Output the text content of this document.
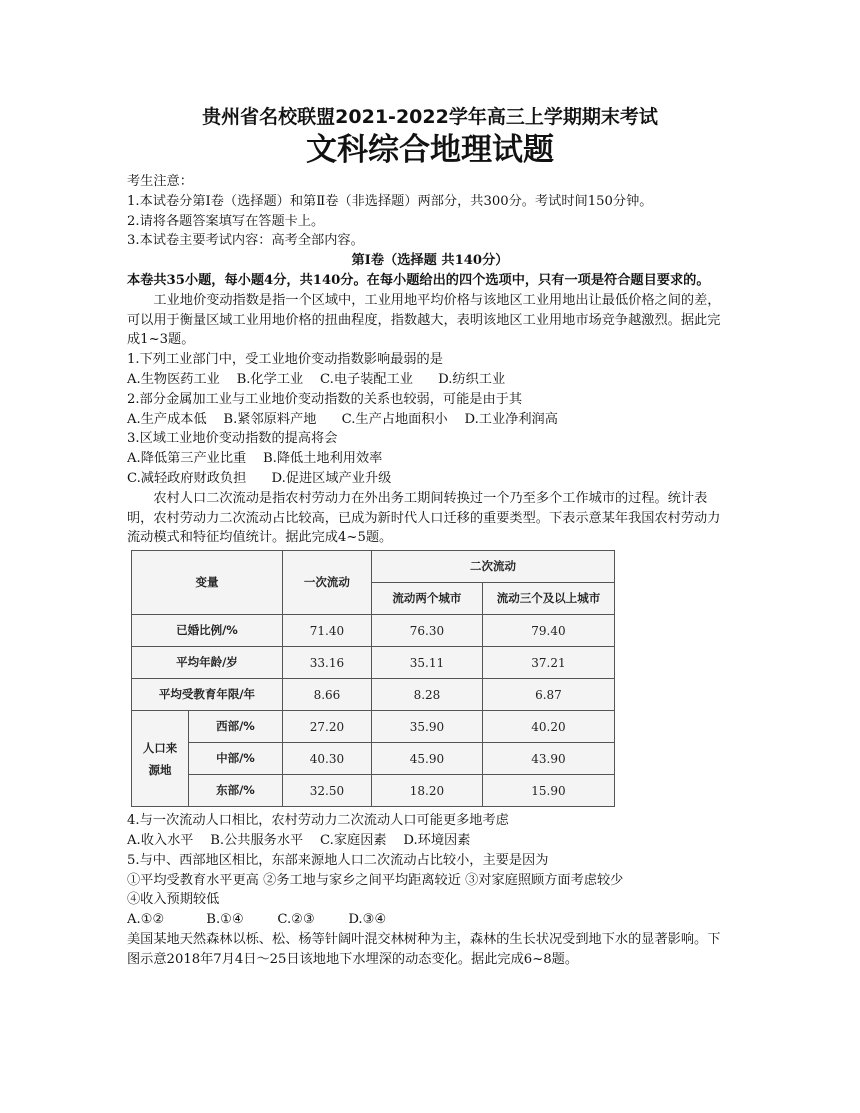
贵州省名校联盟2021-2022学年高三上学期期末考试
文科综合地理试题

考生注意：

1.本试卷分第Ⅰ卷（选择题）和第Ⅱ卷（非选择题）两部分，共300分。考试时间150分钟。

2.请将各题答案填写在答题卡上。

3.本试卷主要考试内容：高考全部内容。

第Ⅰ卷（选择题 共140分）

本卷共35小题，每小题4分，共140分。在每小题给出的四个选项中，只有一项是符合题目要求的。

工业地价变动指数是指一个区域中，工业用地平均价格与该地区工业用地出让最低价格之间的差，可以用于衡量区域工业用地价格的扭曲程度，指数越大，表明该地区工业用地市场竞争越激烈。据此完成1~3题。

1.下列工业部门中，受工业地价变动指数影响最弱的是

A.生物医药工业    B.化学工业    C.电子装配工业      D.纺织工业

2.部分金属加工业与工业地价变动指数的关系也较弱，可能是由于其

A.生产成本低    B.紧邻原料产地      C.生产占地面积小    D.工业净利润高

3.区域工业地价变动指数的提高将会

A.降低第三产业比重    B.降低土地利用效率

C.减轻政府财政负担      D.促进区域产业升级

农村人口二次流动是指农村劳动力在外出务工期间转换过一个乃至多个工作城市的过程。统计表明，农村劳动力二次流动占比较高，已成为新时代人口迁移的重要类型。下表示意某年我国农村劳动力流动模式和特征均值统计。据此完成4~5题。

变量		一次流动	二次流动	
			流动两个城市	流动三个及以上城市
已婚比例/%		71.40	76.30	79.40
平均年龄/岁		33.16	35.11	37.21
平均受教育年限/年		8.66	8.28	6.87
人口来源地	西部/%	27.20	35.90	40.20
	中部/%	40.30	45.90	43.90
	东部/%	32.50	18.20	15.90

4.与一次流动人口相比，农村劳动力二次流动人口可能更多地考虑

A.收入水平    B.公共服务水平    C.家庭因素    D.环境因素

5.与中、西部地区相比，东部来源地人口二次流动占比较小，主要是因为

①平均受教育水平更高 ②务工地与家乡之间平均距离较近 ③对家庭照顾方面考虑较少

④收入预期较低

A.①②          B.①④        C.②③        D.③④

美国某地天然森林以栎、松、杨等针阔叶混交林树种为主，森林的生长状况受到地下水的显著影响。下图示意2018年7月4日～25日该地地下水埋深的动态变化。据此完成6~8题。
